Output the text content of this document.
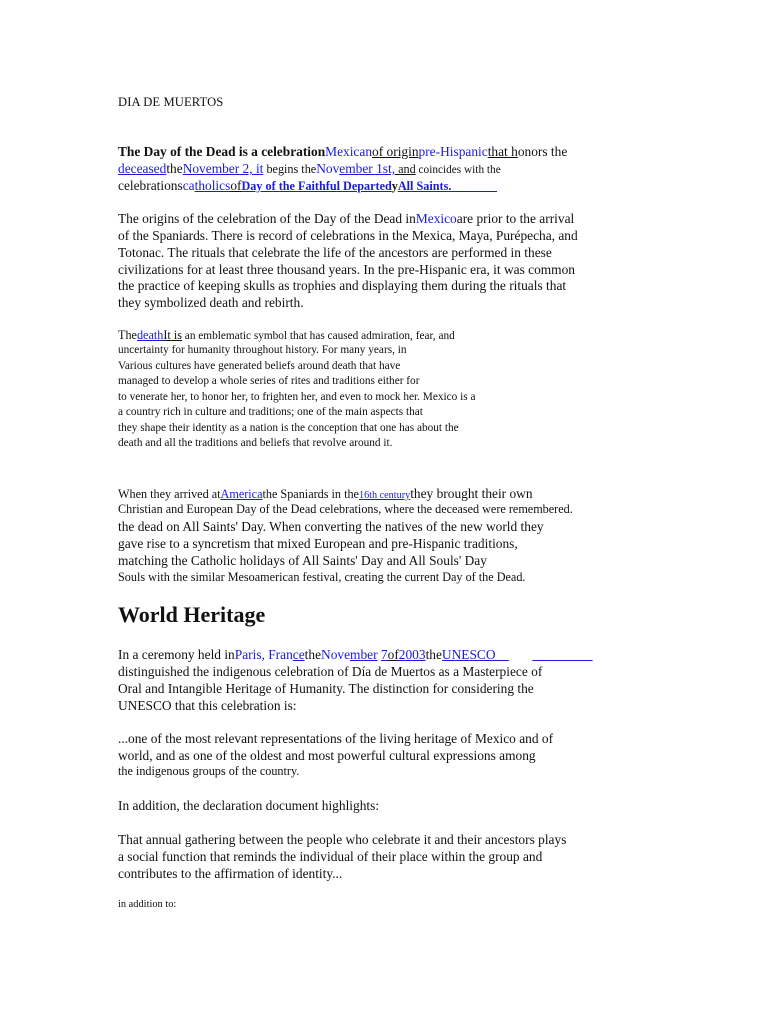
DIA DE MUERTOS
The Day of the Dead is a celebrationMexicanof originpre-Hispanicthat honors the
deceasedtheNovember 2, it begins theNovember 1st, and coincides with the
celebrationscatholicsofDay of the Faithful DepartedyAll Saints.​
The origins of the celebration of the Day of the Dead inMexicoare prior to the arrival
of the Spaniards. There is record of celebrations in the Mexica, Maya, Purépecha, and
Totonac. The rituals that celebrate the life of the ancestors are performed in these
civilizations for at least three thousand years. In the pre-Hispanic era, it was common
the practice of keeping skulls as trophies and displaying them during the rituals that
they symbolized death and rebirth.
ThedeathIt is an emblematic symbol that has caused admiration, fear, and
uncertainty for humanity throughout history. For many years, in
Various cultures have generated beliefs around death that have
managed to develop a whole series of rites and traditions either for
to venerate her, to honor her, to frighten her, and even to mock her. Mexico is a
a country rich in culture and traditions; one of the main aspects that
they shape their identity as a nation is the conception that one has about the
death and all the traditions and beliefs that revolve around it.
When they arrived atAmericathe Spaniards in the16th centurythey brought their own
Christian and European Day of the Dead celebrations, where the deceased were remembered.
the dead on All Saints' Day. When converting the natives of the new world they
gave rise to a syncretism that mixed European and pre-Hispanic traditions,
matching the Catholic holidays of All Saints' Day and All Souls' Day
Souls with the similar Mesoamerican festival, creating the current Day of the Dead.
World Heritage
In a ceremony held inParis, FrancetheNovember 7of2003theUNESCO
distinguished the indigenous celebration of Día de Muertos as a Masterpiece of
Oral and Intangible Heritage of Humanity. The distinction for considering the
UNESCO that this celebration is:
...one of the most relevant representations of the living heritage of Mexico and of
world, and as one of the oldest and most powerful cultural expressions among
the indigenous groups of the country.
In addition, the declaration document highlights:
That annual gathering between the people who celebrate it and their ancestors plays
a social function that reminds the individual of their place within the group and
contributes to the affirmation of identity...
in addition to:
